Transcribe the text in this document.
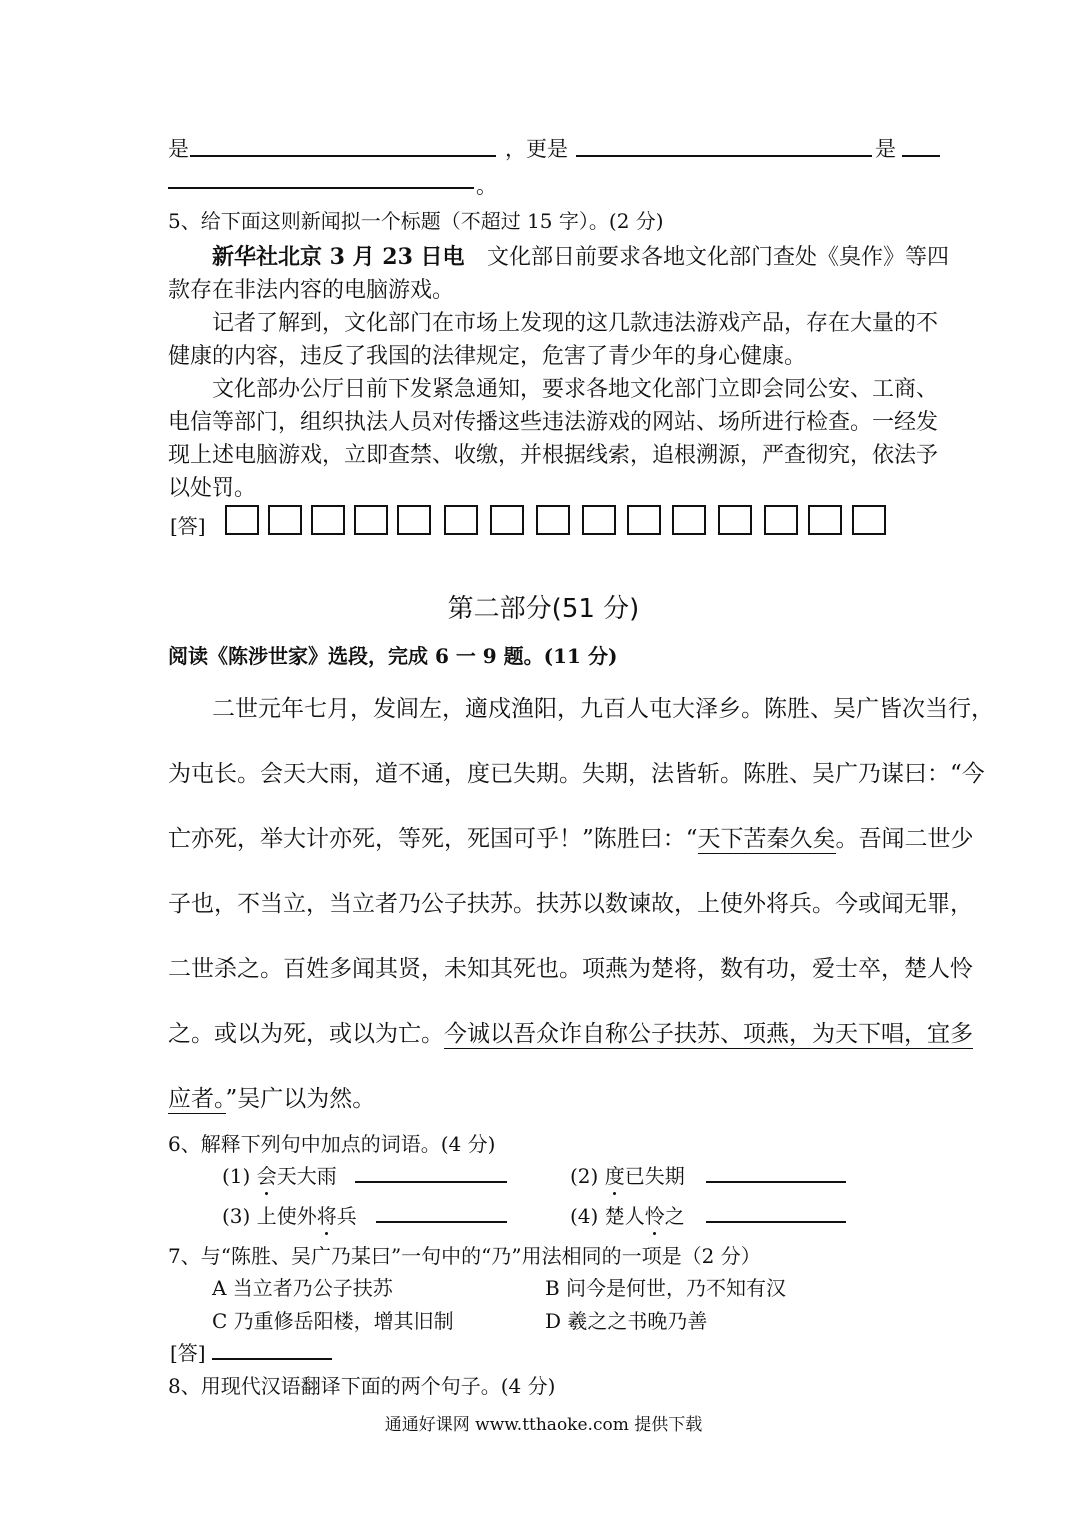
是	，更是	是
。
5、给下面这则新闻拟一个标题（不超过 15 字）。(2 分)
新华社北京 3 月 23 日电 文化部日前要求各地文化部门查处《臭作》等四
款存在非法内容的电脑游戏。
记者了解到，文化部门在市场上发现的这几款违法游戏产品，存在大量的不
健康的内容，违反了我国的法律规定，危害了青少年的身心健康。
文化部办公厅日前下发紧急通知，要求各地文化部门立即会同公安、工商、
电信等部门，组织执法人员对传播这些违法游戏的网站、场所进行检查。一经发
现上述电脑游戏，立即查禁、收缴，并根据线索，追根溯源，严查彻究，依法予
以处罚。
[答]
第二部分(51 分)
阅读《陈涉世家》选段，完成 6 一 9 题。(11 分)
二世元年七月，发闾左，適戍渔阳，九百人屯大泽乡。陈胜、吴广皆次当行，
为屯长。会天大雨，道不通，度已失期。失期，法皆斩。陈胜、吴广乃谋曰：“今
亡亦死，举大计亦死，等死，死国可乎！”陈胜曰：“天下苦秦久矣。吾闻二世少
子也，不当立，当立者乃公子扶苏。扶苏以数谏故，上使外将兵。今或闻无罪，
二世杀之。百姓多闻其贤，未知其死也。项燕为楚将，数有功，爱士卒，楚人怜
之。或以为死，或以为亡。今诚以吾众诈自称公子扶苏、项燕，为天下唱，宜多
应者。”吴广以为然。
6、解释下列句中加点的词语。(4 分)
(1) 会天大雨	(2) 度已失期
(3) 上使外将兵	(4) 楚人怜之
7、与“陈胜、吴广乃某曰”一句中的“乃”用法相同的一项是（2 分）
A 当立者乃公子扶苏	B 问今是何世，乃不知有汉
C 乃重修岳阳楼，增其旧制	D 羲之之书晚乃善
[答]
8、用现代汉语翻译下面的两个句子。(4 分)
通通好课网 www.tthaoke.com 提供下载
